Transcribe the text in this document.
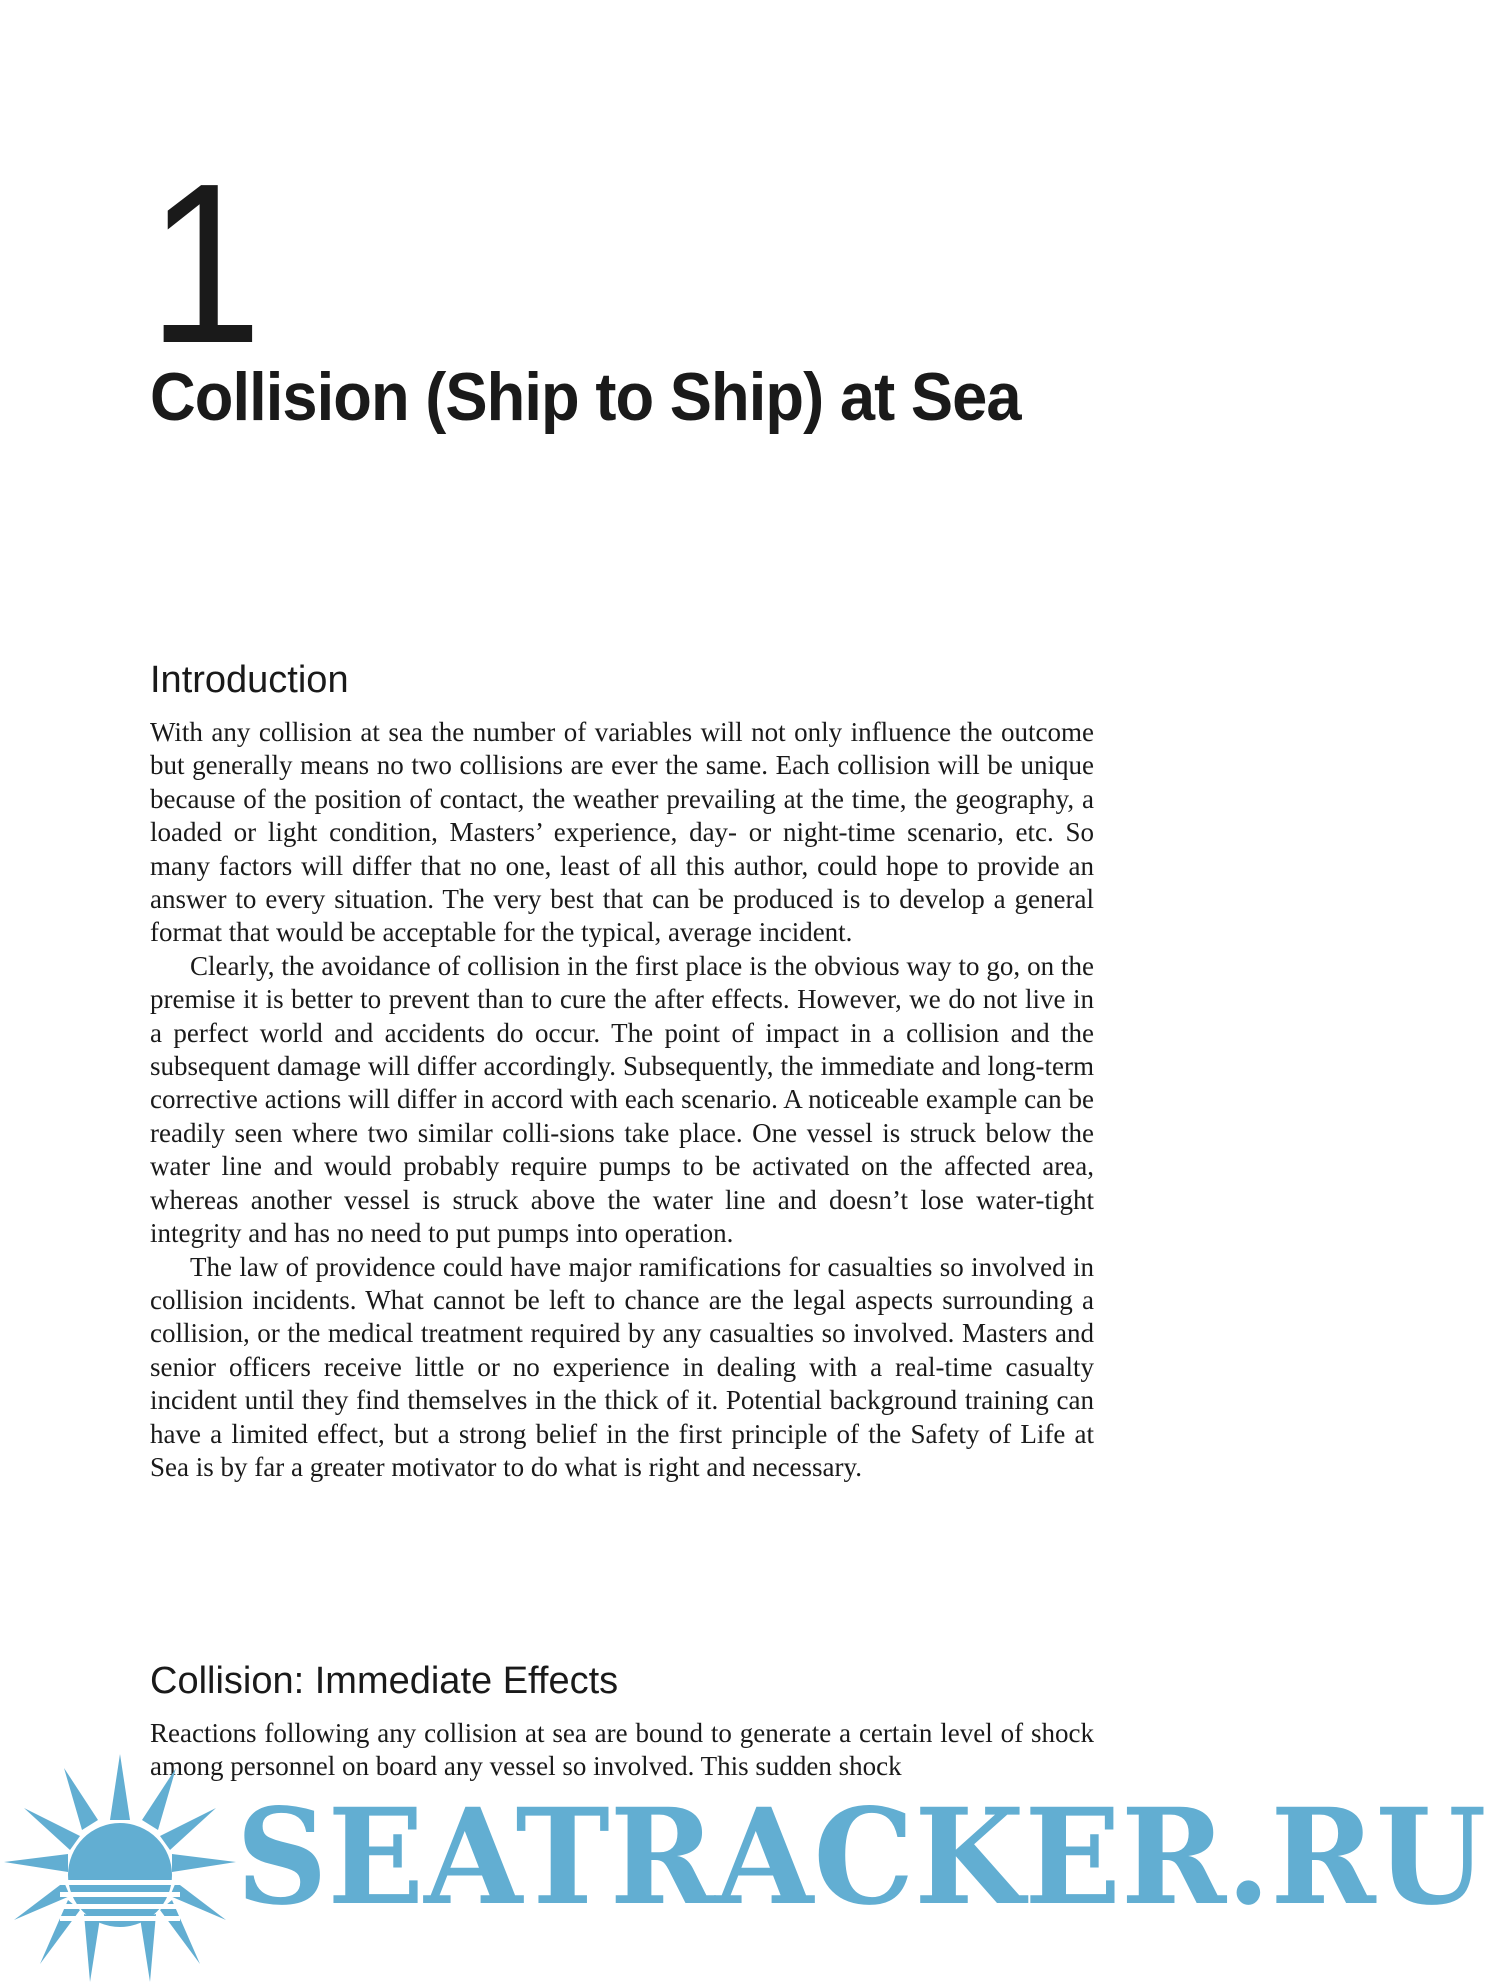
1
Collision (Ship to Ship) at Sea
Introduction

With any collision at sea the number of variables will not only influence the outcome but generally means no two collisions are ever the same. Each collision will be unique because of the position of contact, the weather prevailing at the time, the geography, a loaded or light condition, Masters’ experience, day- or night-time scenario, etc. So many factors will differ that no one, least of all this author, could hope to provide an answer to every situation. The very best that can be produced is to develop a general format that would be acceptable for the typical, average incident.

Clearly, the avoidance of collision in the first place is the obvious way to go, on the premise it is better to prevent than to cure the after effects. However, we do not live in a perfect world and accidents do occur. The point of impact in a collision and the subsequent damage will differ accordingly. Subsequently, the immediate and long-term corrective actions will differ in accord with each scenario. A noticeable example can be readily seen where two similar colli-sions take place. One vessel is struck below the water line and would probably require pumps to be activated on the affected area, whereas another vessel is struck above the water line and doesn’t lose water-tight integrity and has no need to put pumps into operation.

The law of providence could have major ramifications for casualties so involved in collision incidents. What cannot be left to chance are the legal aspects surrounding a collision, or the medical treatment required by any casualties so involved. Masters and senior officers receive little or no experience in dealing with a real-time casualty incident until they find themselves in the thick of it. Potential background training can have a limited effect, but a strong belief in the first principle of the Safety of Life at Sea is by far a greater motivator to do what is right and necessary.

Collision: Immediate Effects

Reactions following any collision at sea are bound to generate a certain level of shock among personnel on board any vessel so involved. This sudden shock

SEATRACKER.RU
